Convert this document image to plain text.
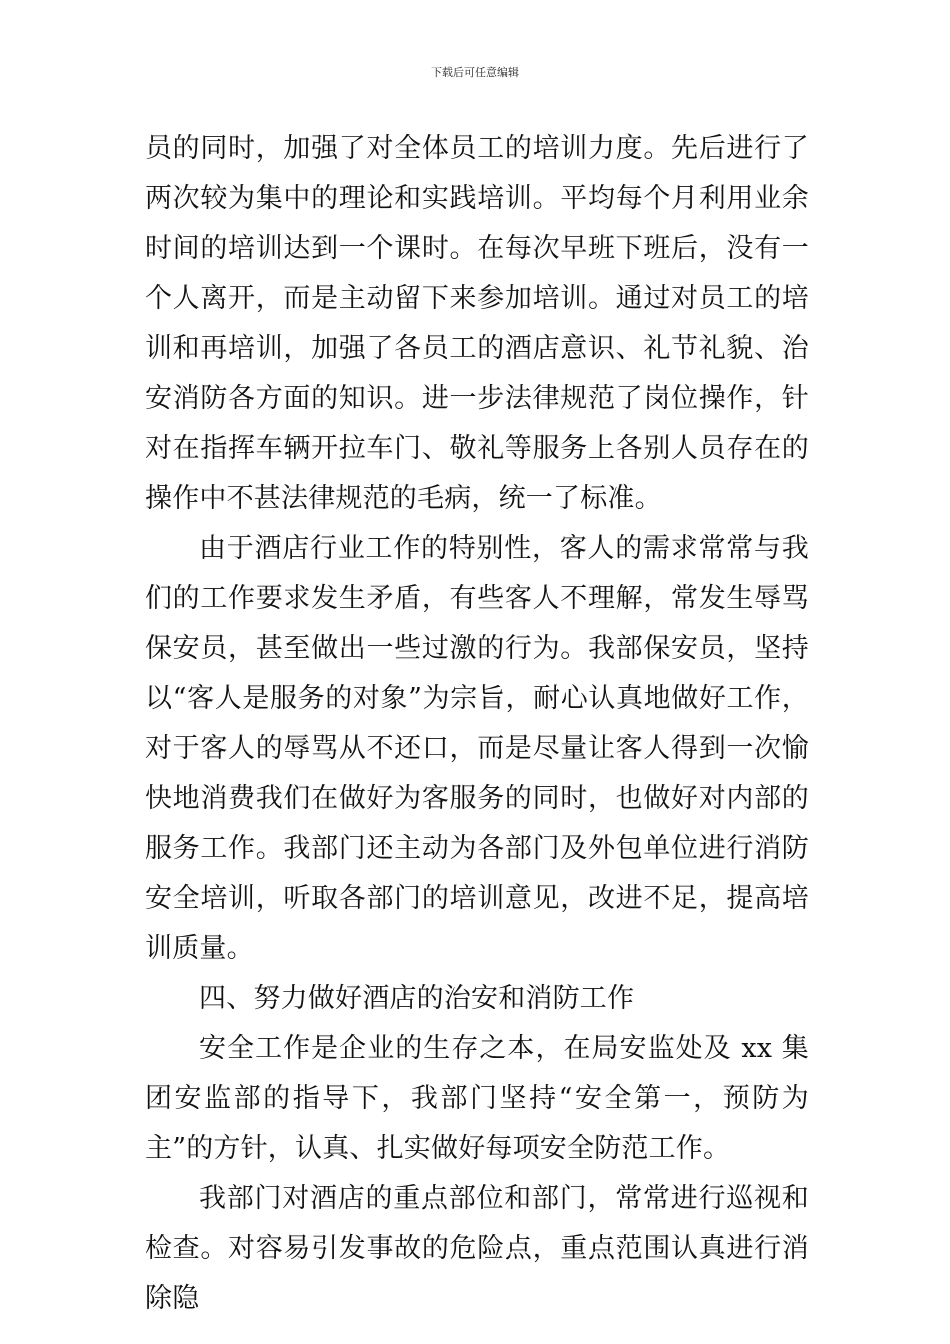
下载后可任意编辑

员的同时，加强了对全体员工的培训力度。先后进行了两次较为集中的理论和实践培训。平均每个月利用业余时间的培训达到一个课时。在每次早班下班后，没有一个人离开，而是主动留下来参加培训。通过对员工的培训和再培训，加强了各员工的酒店意识、礼节礼貌、治安消防各方面的知识。进一步法律规范了岗位操作，针对在指挥车辆开拉车门、敬礼等服务上各别人员存在的操作中不甚法律规范的毛病，统一了标准。

由于酒店行业工作的特别性，客人的需求常常与我们的工作要求发生矛盾，有些客人不理解，常发生辱骂保安员，甚至做出一些过激的行为。我部保安员，坚持以“客人是服务的对象”为宗旨，耐心认真地做好工作，对于客人的辱骂从不还口，而是尽量让客人得到一次愉快地消费我们在做好为客服务的同时，也做好对内部的服务工作。我部门还主动为各部门及外包单位进行消防安全培训，听取各部门的培训意见，改进不足，提高培训质量。

四、努力做好酒店的治安和消防工作

安全工作是企业的生存之本，在局安监处及 xx 集团安监部的指导下，我部门坚持“安全第一，预防为主”的方针，认真、扎实做好每项安全防范工作。

我部门对酒店的重点部位和部门，常常进行巡视和检查。对容易引发事故的危险点，重点范围认真进行消除隐
